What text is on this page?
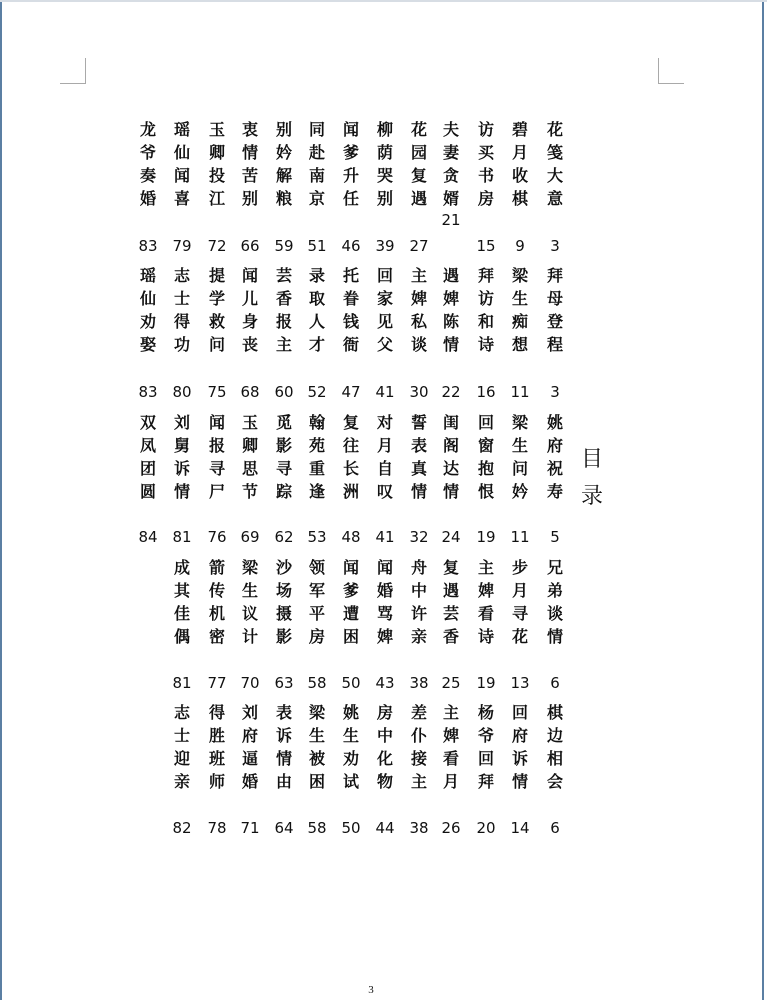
目
录
花
笺
大
意
3
碧
月
收
棋
9
访
买
书
房
15
夫
妻
贪
婿
21
花
园
复
遇
27
柳
荫
哭
别
39
闻
爹
升
任
46
同
赴
南
京
51
别
妗
解
粮
59
衷
情
苦
别
66
玉
卿
投
江
72
瑶
仙
闻
喜
79
龙
爷
奏
婚
83
拜
母
登
程
3
梁
生
痴
想
11
拜
访
和
诗
16
遇
婢
陈
情
22
主
婢
私
谈
30
回
家
见
父
41
托
眷
钱
衙
47
录
取
人
才
52
芸
香
报
主
60
闻
儿
身
丧
68
提
学
救
问
75
志
士
得
功
80
瑶
仙
劝
娶
83
姚
府
祝
寿
5
梁
生
问
妗
11
回
窗
抱
恨
19
闺
阁
达
情
24
誓
表
真
情
32
对
月
自
叹
41
复
往
长
洲
48
翰
苑
重
逢
53
觅
影
寻
踪
62
玉
卿
思
节
69
闻
报
寻
尸
76
刘
舅
诉
情
81
双
凤
团
圆
84
兄
弟
谈
情
6
步
月
寻
花
13
主
婢
看
诗
19
复
遇
芸
香
25
舟
中
许
亲
38
闻
婚
骂
婢
43
闻
爹
遭
困
50
领
军
平
房
58
沙
场
摄
影
63
梁
生
议
计
70
箭
传
机
密
77
成
其
佳
偶
81
棋
边
相
会
6
回
府
诉
情
14
杨
爷
回
拜
20
主
婢
看
月
26
差
仆
接
主
38
房
中
化
物
44
姚
生
劝
试
50
梁
生
被
困
58
表
诉
情
由
64
刘
府
逼
婚
71
得
胜
班
师
78
志
士
迎
亲
82
3
